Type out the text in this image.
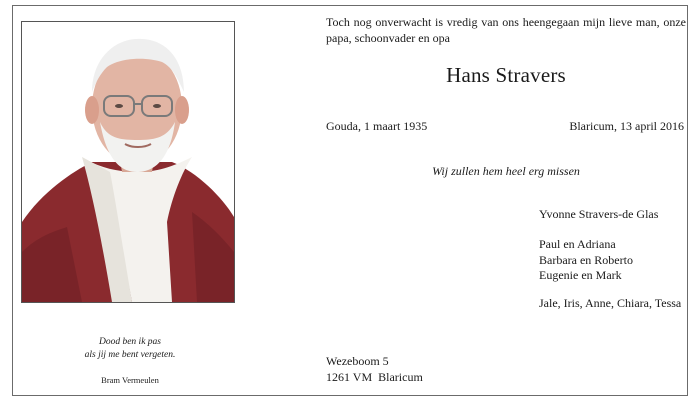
Dood ben ik pas
als jij me bent vergeten.
Bram Vermeulen
Toch nog onverwacht is vredig van ons heengegaan mijn lieve man, onze papa, schoonvader en opa
Hans Stravers
Gouda, 1 maart 1935	Blaricum, 13 april 2016
Wij zullen hem heel erg missen
Yvonne Stravers-de Glas
Paul en Adriana
Barbara en Roberto
Eugenie en Mark
Jale, Iris, Anne, Chiara, Tessa
Wezeboom 5
1261 VM  Blaricum
